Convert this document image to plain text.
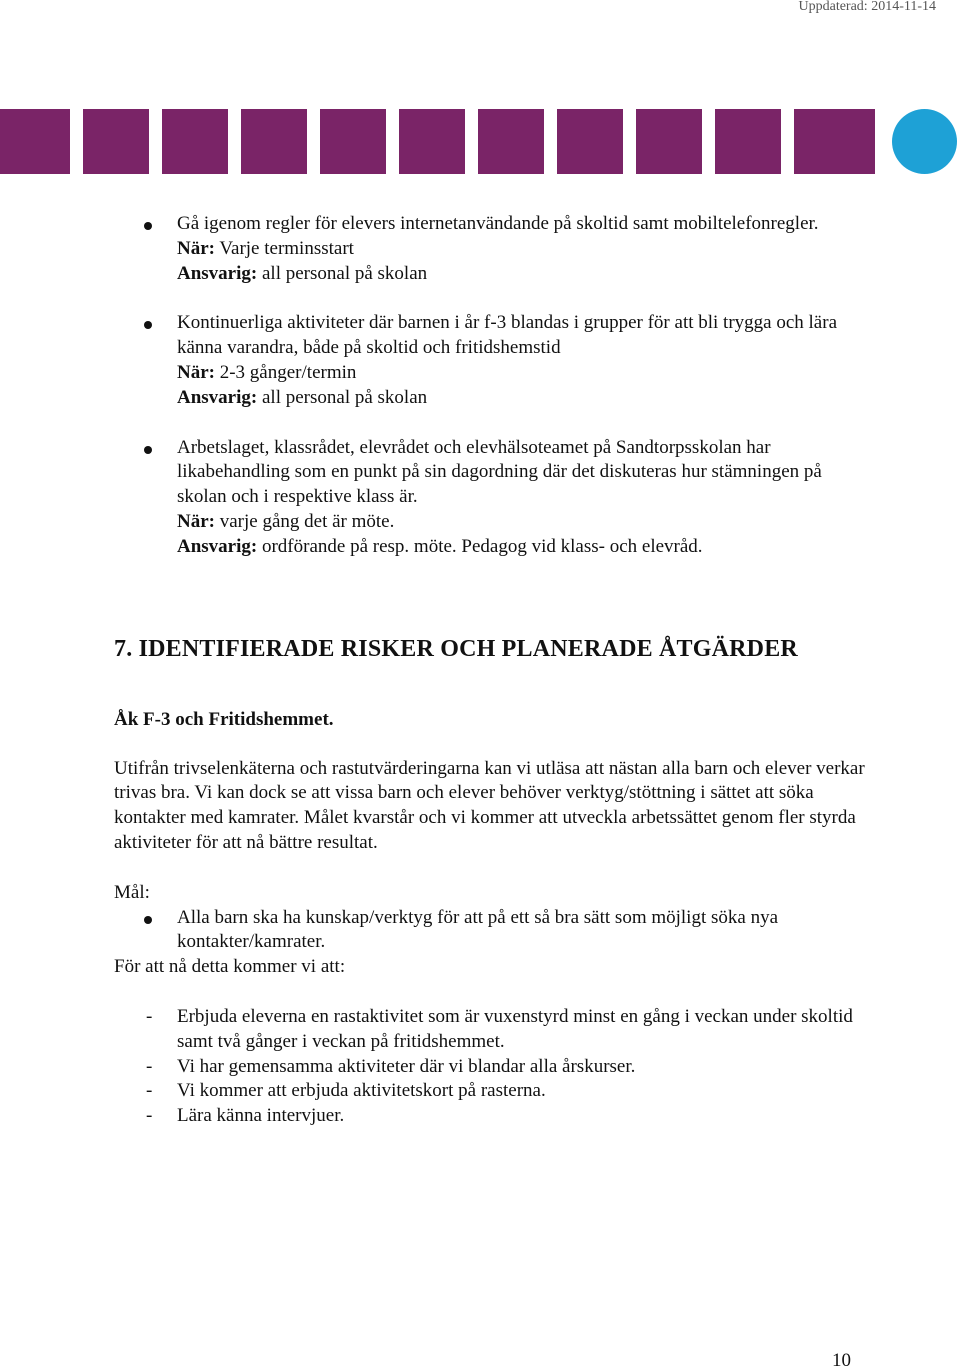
Uppdaterad: 2014-11-14
Gå igenom regler för elevers internetanvändande på skoltid samt mobiltelefonregler.
När: Varje terminsstart
Ansvarig: all personal på skolan
Kontinuerliga aktiviteter där barnen i år f-3 blandas i grupper för att bli trygga och lära känna varandra, både på skoltid och fritidshemstid
När: 2-3 gånger/termin
Ansvarig: all personal på skolan
Arbetslaget, klassrådet, elevrådet och elevhälsoteamet på Sandtorpsskolan har likabehandling som en punkt på sin dagordning där det diskuteras hur stämningen på skolan och i respektive klass är.
När: varje gång det är möte.
Ansvarig: ordförande på resp. möte. Pedagog vid klass- och elevråd.
7. IDENTIFIERADE RISKER OCH PLANERADE ÅTGÄRDER
Åk F-3 och Fritidshemmet.
Utifrån trivselenkäterna och rastutvärderingarna kan vi utläsa att nästan alla barn och elever verkar trivas bra. Vi kan dock se att vissa barn och elever behöver verktyg/stöttning i sättet att söka kontakter med kamrater. Målet kvarstår och vi kommer att utveckla arbetssättet genom fler styrda aktiviteter för att nå bättre resultat.
Mål:
Alla barn ska ha kunskap/verktyg för att på ett så bra sätt som möjligt söka nya kontakter/kamrater.
För att nå detta kommer vi att:
- Erbjuda eleverna en rastaktivitet som är vuxenstyrd minst en gång i veckan under skoltid samt två gånger i veckan på fritidshemmet.
- Vi har gemensamma aktiviteter där vi blandar alla årskurser.
- Vi kommer att erbjuda aktivitetskort på rasterna.
- Lära känna intervjuer.
10
